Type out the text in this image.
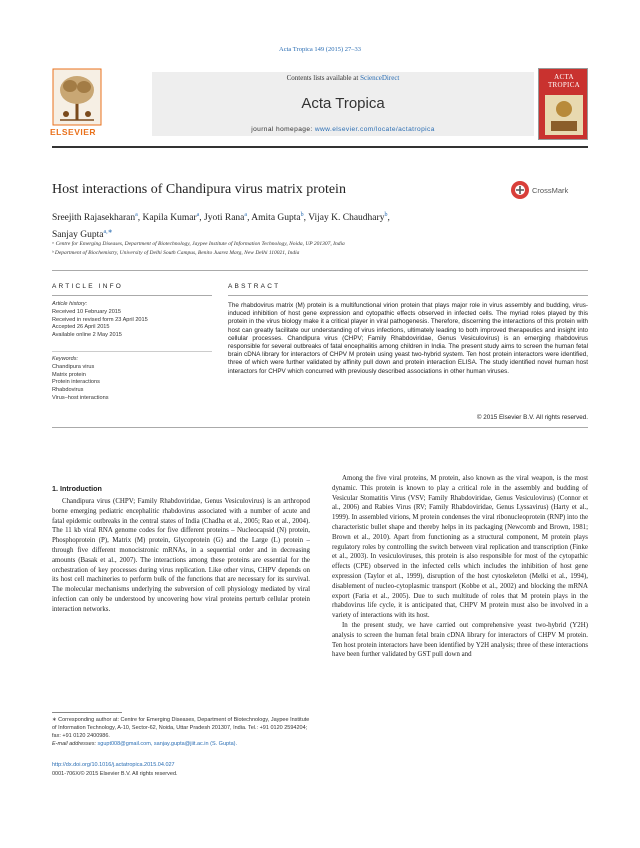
Acta Tropica 149 (2015) 27–33
ELSEVIER
Contents lists available at ScienceDirect
Acta Tropica
journal homepage: www.elsevier.com/locate/actatropica
ACTA TROPICA
Host interactions of Chandipura virus matrix protein	CrossMark
Sreejith Rajasekharan$^a$, Kapila Kumar$^a$, Jyoti Rana$^a$, Amita Gupta$^b$, Vijay K. Chaudhary$^b$,
Sanjay Gupta$^{a,∗}$
ᵃ Centre for Emerging Diseases, Department of Biotechnology, Jaypee Institute of Information Technology, Noida, UP 201307, India
ᵇ Department of Biochemistry, University of Delhi South Campus, Benito Juarez Marg, New Delhi 110021, India
ARTICLE INFO
Article history:
Received 10 February 2015
Received in revised form 23 April 2015
Accepted 26 April 2015
Available online 2 May 2015
Keywords:
Chandipura virus
Matrix protein
Protein interactions
Rhabdovirus
Virus–host interactions
ABSTRACT
The rhabdovirus matrix (M) protein is a multifunctional virion protein that plays major role in virus assembly and budding, virus-induced inhibition of host gene expression and cytopathic effects observed in infected cells. The myriad roles played by this protein in the virus biology make it a critical player in viral pathogenesis. Therefore, discerning the interactions of this protein with host can greatly facilitate our understanding of virus infections, ultimately leading to both improved therapeutics and insight into cellular processes. Chandipura virus (CHPV; Family Rhabdoviridae, Genus Vesiculovirus) is an emerging rhabdovirus responsible for several outbreaks of fatal encephalitis among children in India. The present study aims to screen the human fetal brain cDNA library for interactors of CHPV M protein using yeast two-hybrid system. Ten host protein interactors were identified, three of which were further validated by affinity pull down and protein interaction ELISA. The study identified novel human host interactors for CHPV which concurred with previously described associations in other human viruses.
© 2015 Elsevier B.V. All rights reserved.
1. Introduction

Chandipura virus (CHPV; Family Rhabdoviridae, Genus Vesiculovirus) is an arthropod borne emerging pediatric encephalitic rhabdovirus associated with a number of acute and fatal epidemic outbreaks in the central states of India (Chadha et al., 2005; Rao et al., 2004). The 11 kb viral RNA genome codes for five different proteins – Nucleocapsid (N) protein, Phosphoprotein (P), Matrix (M) protein, Glycoprotein (G) and the Large (L) protein – through five different monocistronic mRNAs, in a sequential order and in decreasing amounts (Basak et al., 2007). The interactions among these proteins are essential for the orchestration of key processes during virus replication. Like other virus, CHPV depends on its host cell machineries to perform bulk of the functions that are necessary for its survival. The molecular mechanisms underlying the subversion of cell physiology mediated by viral infection can only be understood by uncovering how viral proteins perturb cellular protein interaction networks.

Among the five viral proteins, M protein, also known as the viral weapon, is the most dynamic. This protein is known to play a critical role in the assembly and budding of Vesicular Stomatitis Virus (VSV; Family Rhabdoviridae, Genus Vesiculovirus) (Connor et al., 2006) and Rabies Virus (RV; Family Rhabdoviridae, Genus Lyssavirus) (Harty et al., 1999). In assembled virions, M protein condenses the viral ribonucleoprotein (RNP) into the characteristic bullet shape and thereby helps in its packaging (Newcomb and Brown, 1981; Brown et al., 2010). Apart from functioning as a structural component, M protein plays regulatory roles by controlling the switch between viral replication and transcription (Finke et al., 2003). In vesiculoviruses, this protein is also responsible for most of the cytopathic effects (CPE) observed in the infected cells which includes the inhibition of host gene expression (Taylor et al., 1999), disruption of the host cytoskeleton (Melki et al., 1994), disablement of nucleo-cytoplasmic transport (Kobbe et al., 2002) and blocking the mRNA export (Faria et al., 2005). Due to such multitude of roles that M protein plays in the rhabdovirus life cycle, it is anticipated that, CHPV M protein must also be involved in a variety of interactions with its host.

In the present study, we have carried out comprehensive yeast two-hybrid (Y2H) analysis to screen the human fetal brain cDNA library for interactors of CHPV M protein. Ten host protein interactors have been identified by Y2H analysis; three of these interactions have been further validated by GST pull down and

∗ Corresponding author at: Centre for Emerging Diseases, Department of Biotechnology, Jaypee Institute of Information Technology, A-10, Sector-62, Noida, Uttar Pradesh 201307, India. Tel.: +91 0120 2594204; fax: +91 0120 2400986.
E-mail addresses: sgupt008@gmail.com, sanjay.gupta@jiit.ac.in (S. Gupta).
http://dx.doi.org/10.1016/j.actatropica.2015.04.027
0001-706X/© 2015 Elsevier B.V. All rights reserved.
